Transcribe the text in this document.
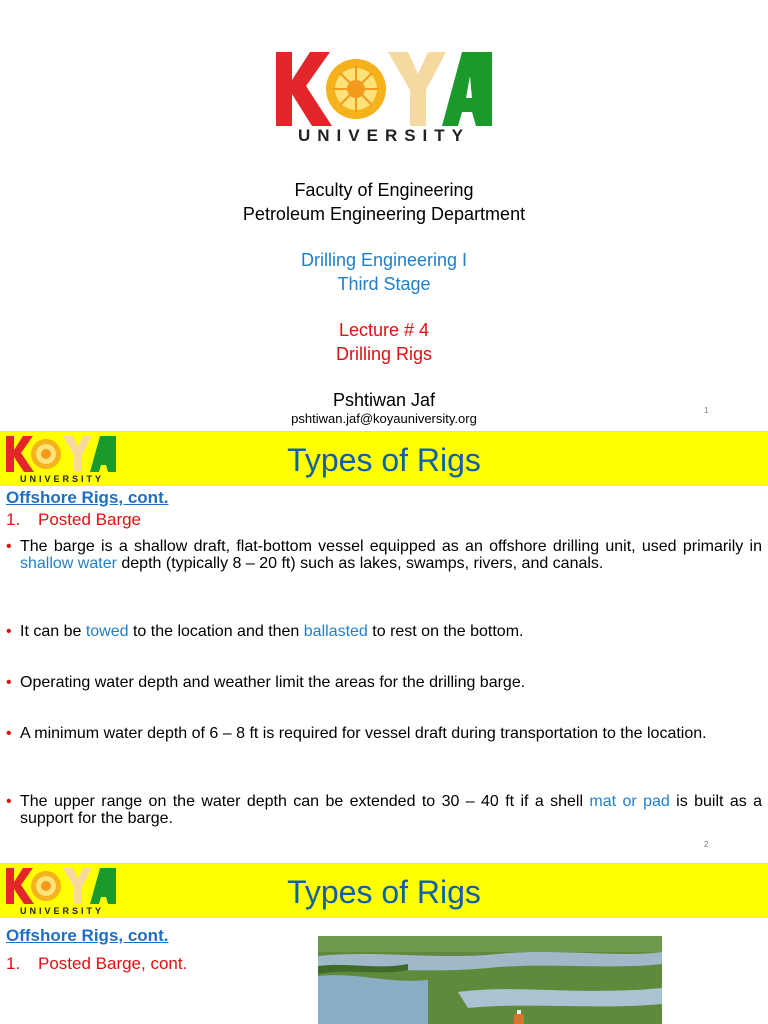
UNIVERSITY
Faculty of Engineering
Petroleum Engineering Department
Drilling Engineering I
Third Stage
Lecture # 4
Drilling Rigs
Pshtiwan Jaf
pshtiwan.jaf@koyauniversity.org
1
Types of Rigs
UNIVERSITY
Offshore Rigs, cont.
1. Posted Barge
• The barge is a shallow draft, flat-bottom vessel equipped as an offshore drilling unit, used primarily in shallow water depth (typically 8 – 20 ft) such as lakes, swamps, rivers, and canals.
• It can be towed to the location and then ballasted to rest on the bottom.
• Operating water depth and weather limit the areas for the drilling barge.
• A minimum water depth of 6 – 8 ft is required for vessel draft during transportation to the location.
• The upper range on the water depth can be extended to 30 – 40 ft if a shell mat or pad is built as a support for the barge.
2
Types of Rigs
UNIVERSITY
Offshore Rigs, cont.
1. Posted Barge, cont.
